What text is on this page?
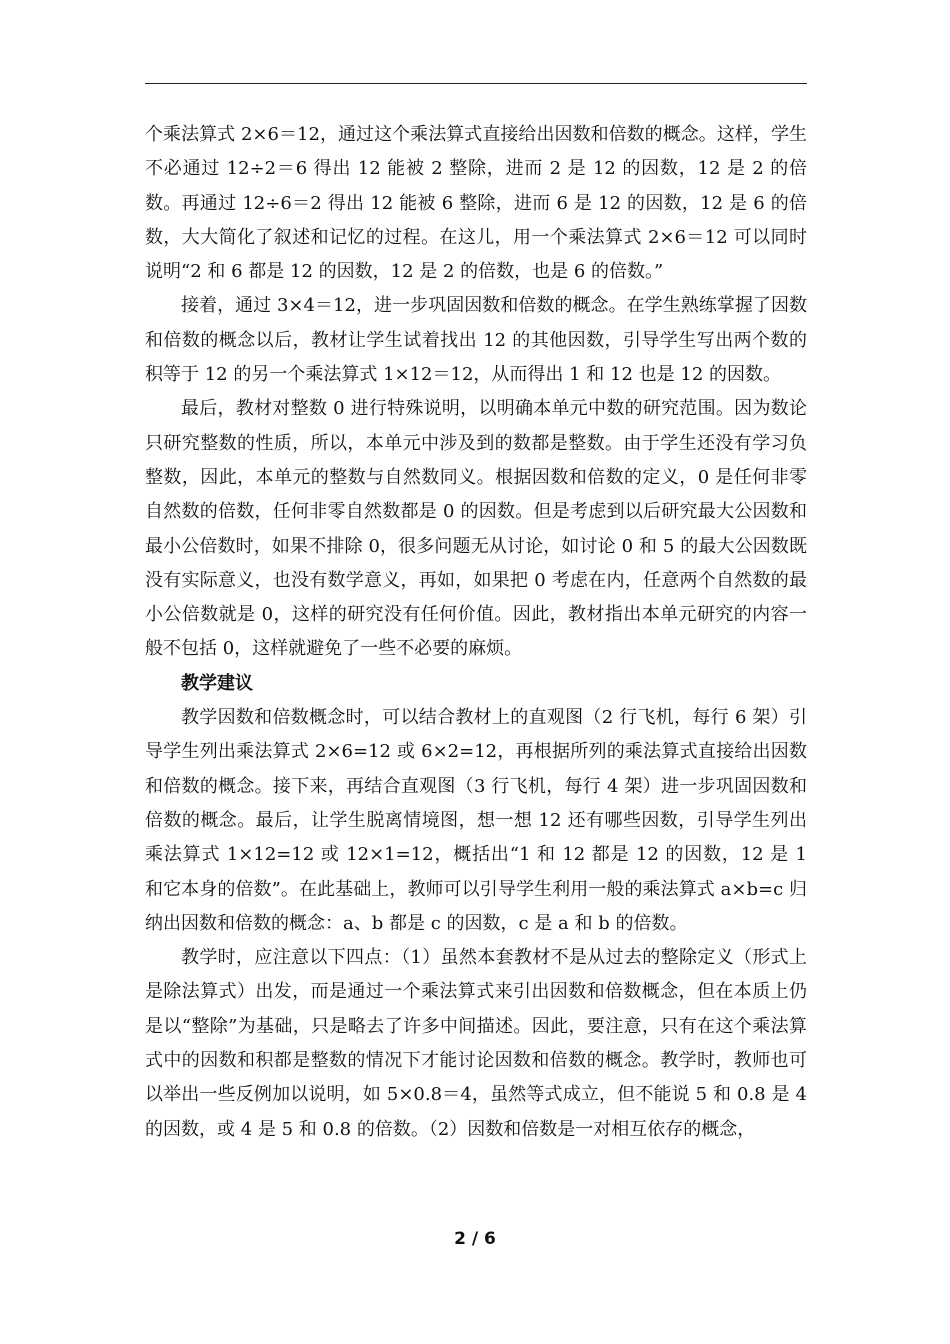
个乘法算式 2×6＝12，通过这个乘法算式直接给出因数和倍数的概念。这样，学生不必通过 12÷2＝6 得出 12 能被 2 整除，进而 2 是 12 的因数，12 是 2 的倍数。再通过 12÷6＝2 得出 12 能被 6 整除，进而 6 是 12 的因数，12 是 6 的倍数，大大简化了叙述和记忆的过程。在这儿，用一个乘法算式 2×6＝12 可以同时说明“2 和 6 都是 12 的因数，12 是 2 的倍数，也是 6 的倍数。”

接着，通过 3×4＝12，进一步巩固因数和倍数的概念。在学生熟练掌握了因数和倍数的概念以后，教材让学生试着找出 12 的其他因数，引导学生写出两个数的积等于 12 的另一个乘法算式 1×12＝12，从而得出 1 和 12 也是 12 的因数。

最后，教材对整数 0 进行特殊说明，以明确本单元中数的研究范围。因为数论只研究整数的性质，所以，本单元中涉及到的数都是整数。由于学生还没有学习负整数，因此，本单元的整数与自然数同义。根据因数和倍数的定义，0 是任何非零自然数的倍数，任何非零自然数都是 0 的因数。但是考虑到以后研究最大公因数和最小公倍数时，如果不排除 0，很多问题无从讨论，如讨论 0 和 5 的最大公因数既没有实际意义，也没有数学意义，再如，如果把 0 考虑在内，任意两个自然数的最小公倍数就是 0，这样的研究没有任何价值。因此，教材指出本单元研究的内容一般不包括 0，这样就避免了一些不必要的麻烦。

教学建议

教学因数和倍数概念时，可以结合教材上的直观图（2 行飞机，每行 6 架）引导学生列出乘法算式 2×6=12 或 6×2=12，再根据所列的乘法算式直接给出因数和倍数的概念。接下来，再结合直观图（3 行飞机，每行 4 架）进一步巩固因数和倍数的概念。最后，让学生脱离情境图，想一想 12 还有哪些因数，引导学生列出乘法算式 1×12=12 或 12×1=12，概括出“1 和 12 都是 12 的因数，12 是 1 和它本身的倍数”。在此基础上，教师可以引导学生利用一般的乘法算式 a×b=c 归纳出因数和倍数的概念：a、b 都是 c 的因数，c 是 a 和 b 的倍数。

教学时，应注意以下四点：（1）虽然本套教材不是从过去的整除定义（形式上是除法算式）出发，而是通过一个乘法算式来引出因数和倍数概念，但在本质上仍是以“整除”为基础，只是略去了许多中间描述。因此，要注意，只有在这个乘法算式中的因数和积都是整数的情况下才能讨论因数和倍数的概念。教学时，教师也可以举出一些反例加以说明，如 5×0.8＝4，虽然等式成立，但不能说 5 和 0.8 是 4 的因数，或 4 是 5 和 0.8 的倍数。（2）因数和倍数是一对相互依存的概念，

2 / 6
